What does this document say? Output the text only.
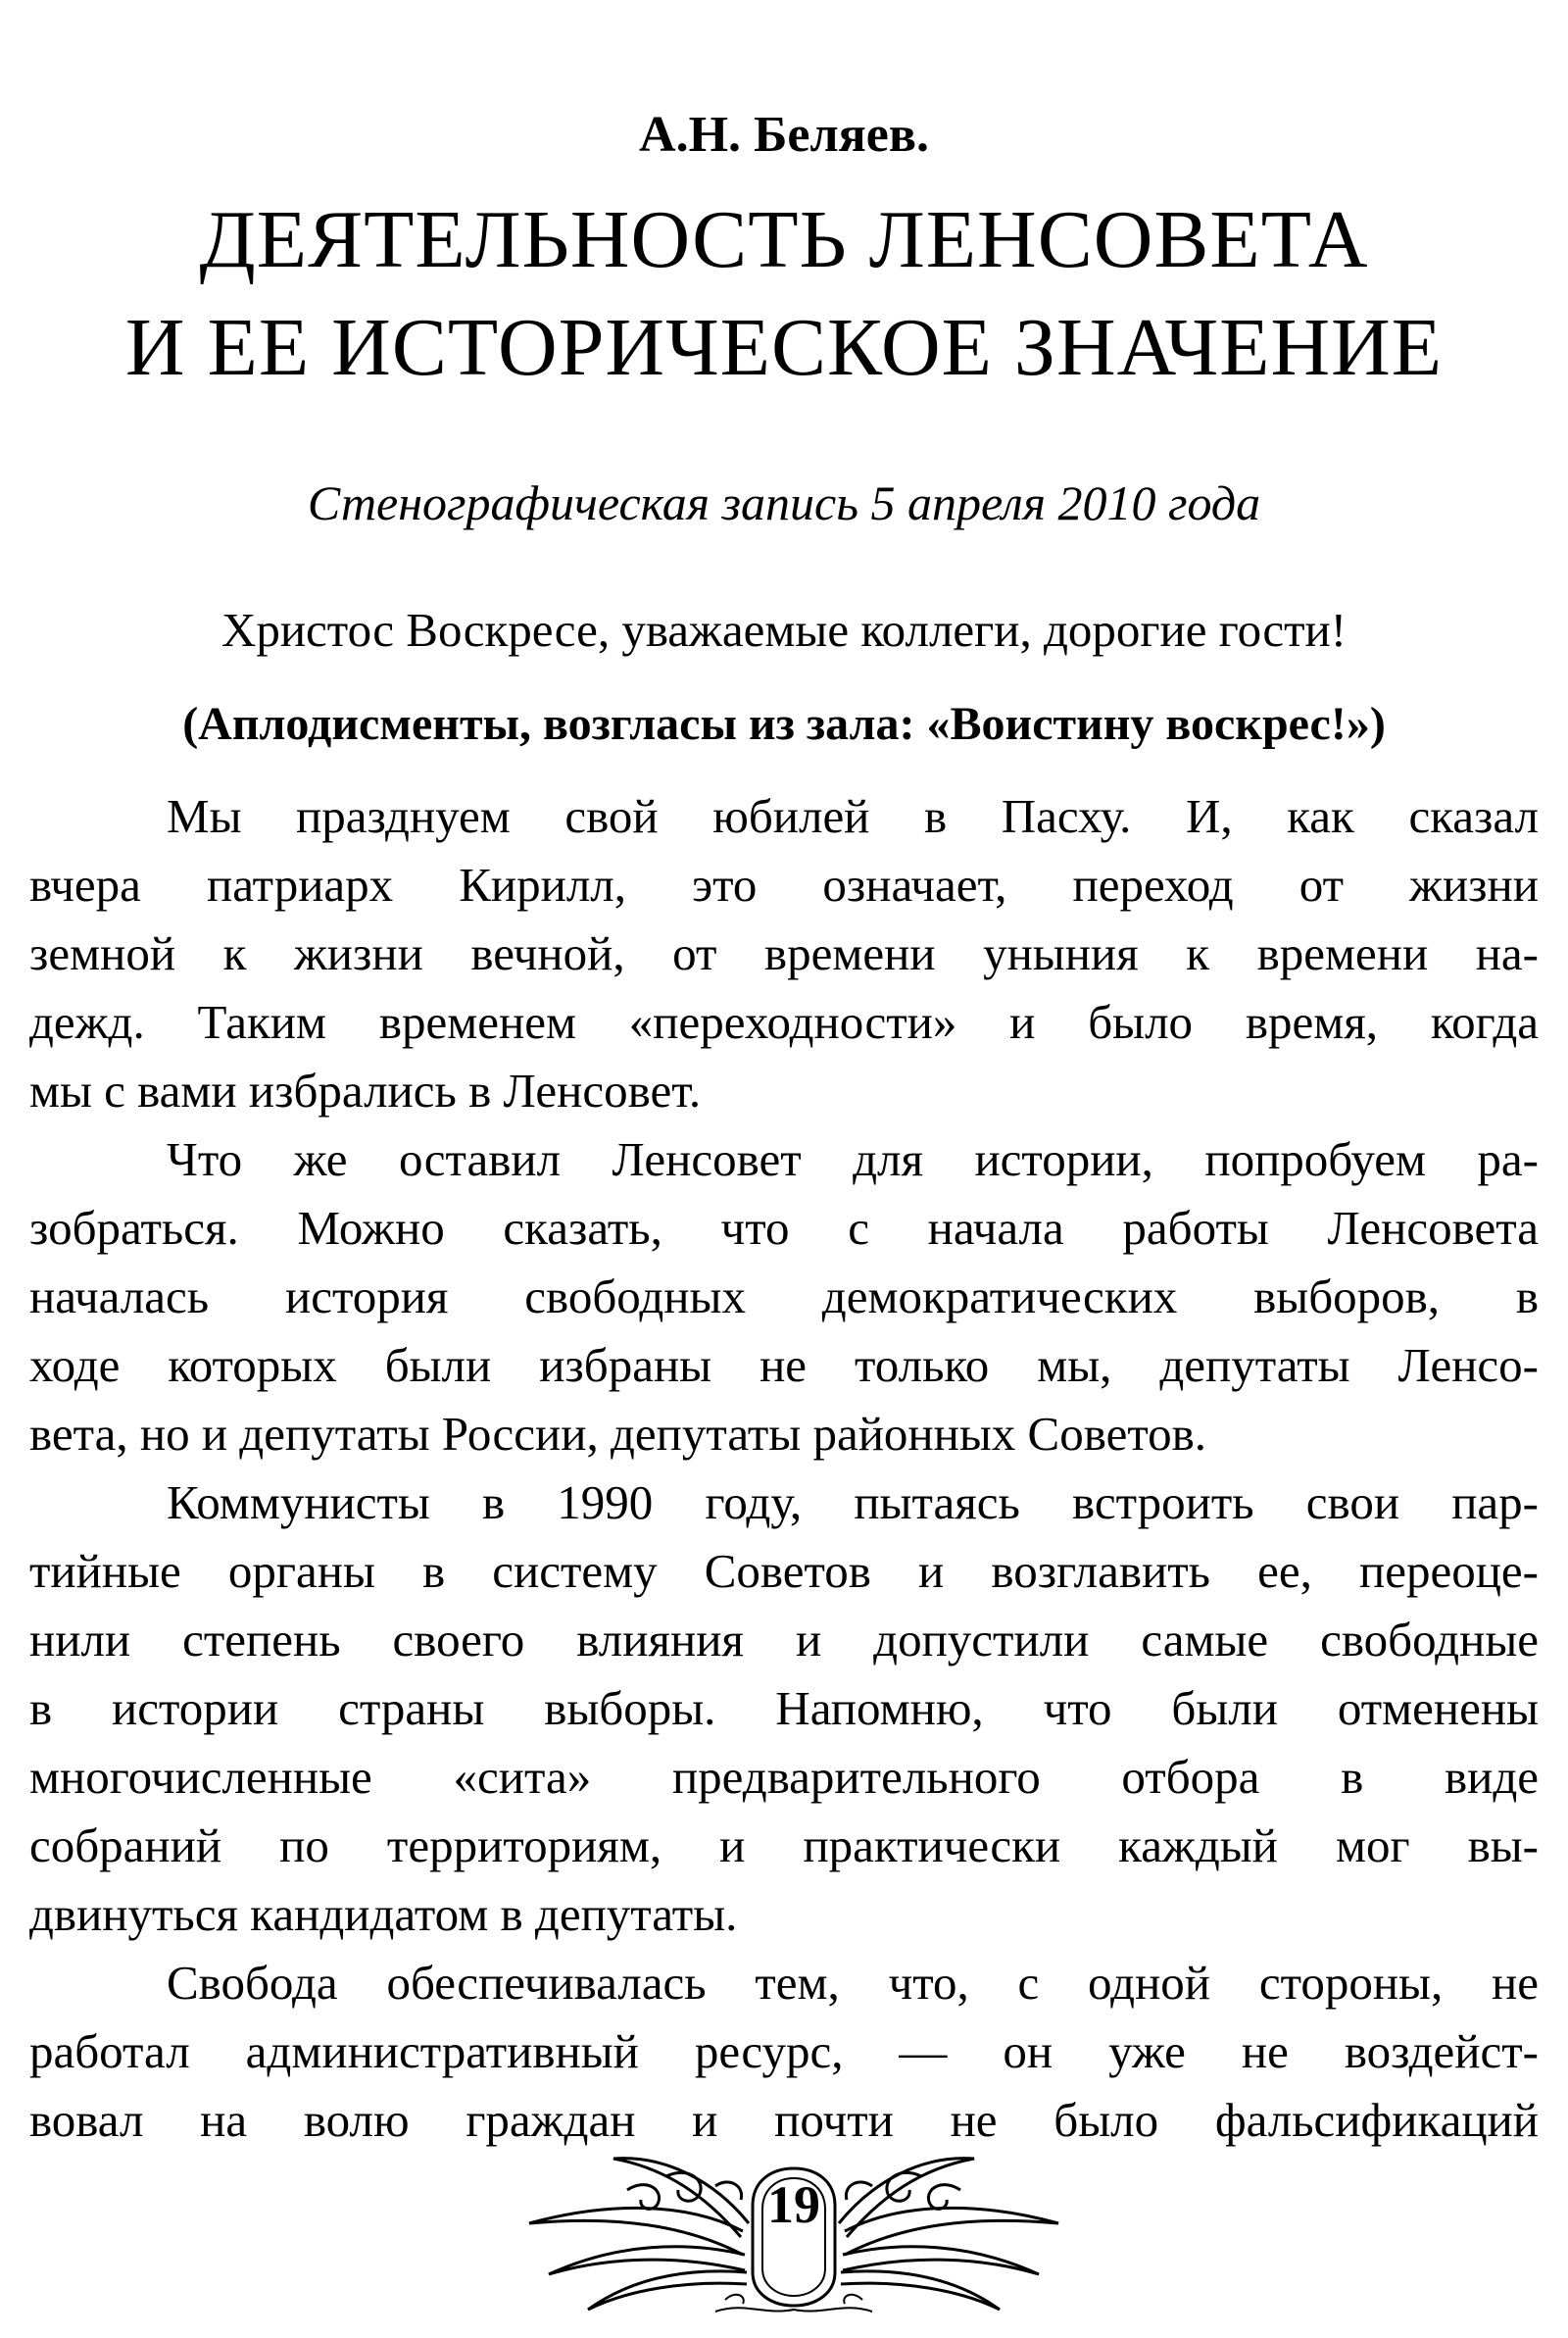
А.Н. Беляев.
ДЕЯТЕЛЬНОСТЬ ЛЕНСОВЕТА
И ЕЕ ИСТОРИЧЕСКОЕ ЗНАЧЕНИЕ
Стенографическая запись 5 апреля 2010 года
Христос Воскресе, уважаемые коллеги, дорогие гости!
(Аплодисменты, возгласы из зала: «Воистину воскрес!»)

Мы празднуем свой юбилей в Пасху. И, как сказал
вчера патриарх Кирилл, это означает, переход от жизни
земной к жизни вечной, от времени уныния к времени на-
дежд. Таким временем «переходности» и было время, когда
мы с вами избрались в Ленсовет.

Что же оставил Ленсовет для истории, попробуем ра-
зобраться. Можно сказать, что с начала работы Ленсовета
началась история свободных демократических выборов, в
ходе которых были избраны не только мы, депутаты Ленсо-
вета, но и депутаты России, депутаты районных Советов.

Коммунисты в 1990 году, пытаясь встроить свои пар-
тийные органы в систему Советов и возглавить ее, переоце-
нили степень своего влияния и допустили самые свободные
в истории страны выборы. Напомню, что были отменены
многочисленные «сита» предварительного отбора в виде
собраний по территориям, и практически каждый мог вы-
двинуться кандидатом в депутаты.

Свобода обеспечивалась тем, что, с одной стороны, не
работал административный ресурс, — он уже не воздейст-
вовал на волю граждан и почти не было фальсификаций

19
